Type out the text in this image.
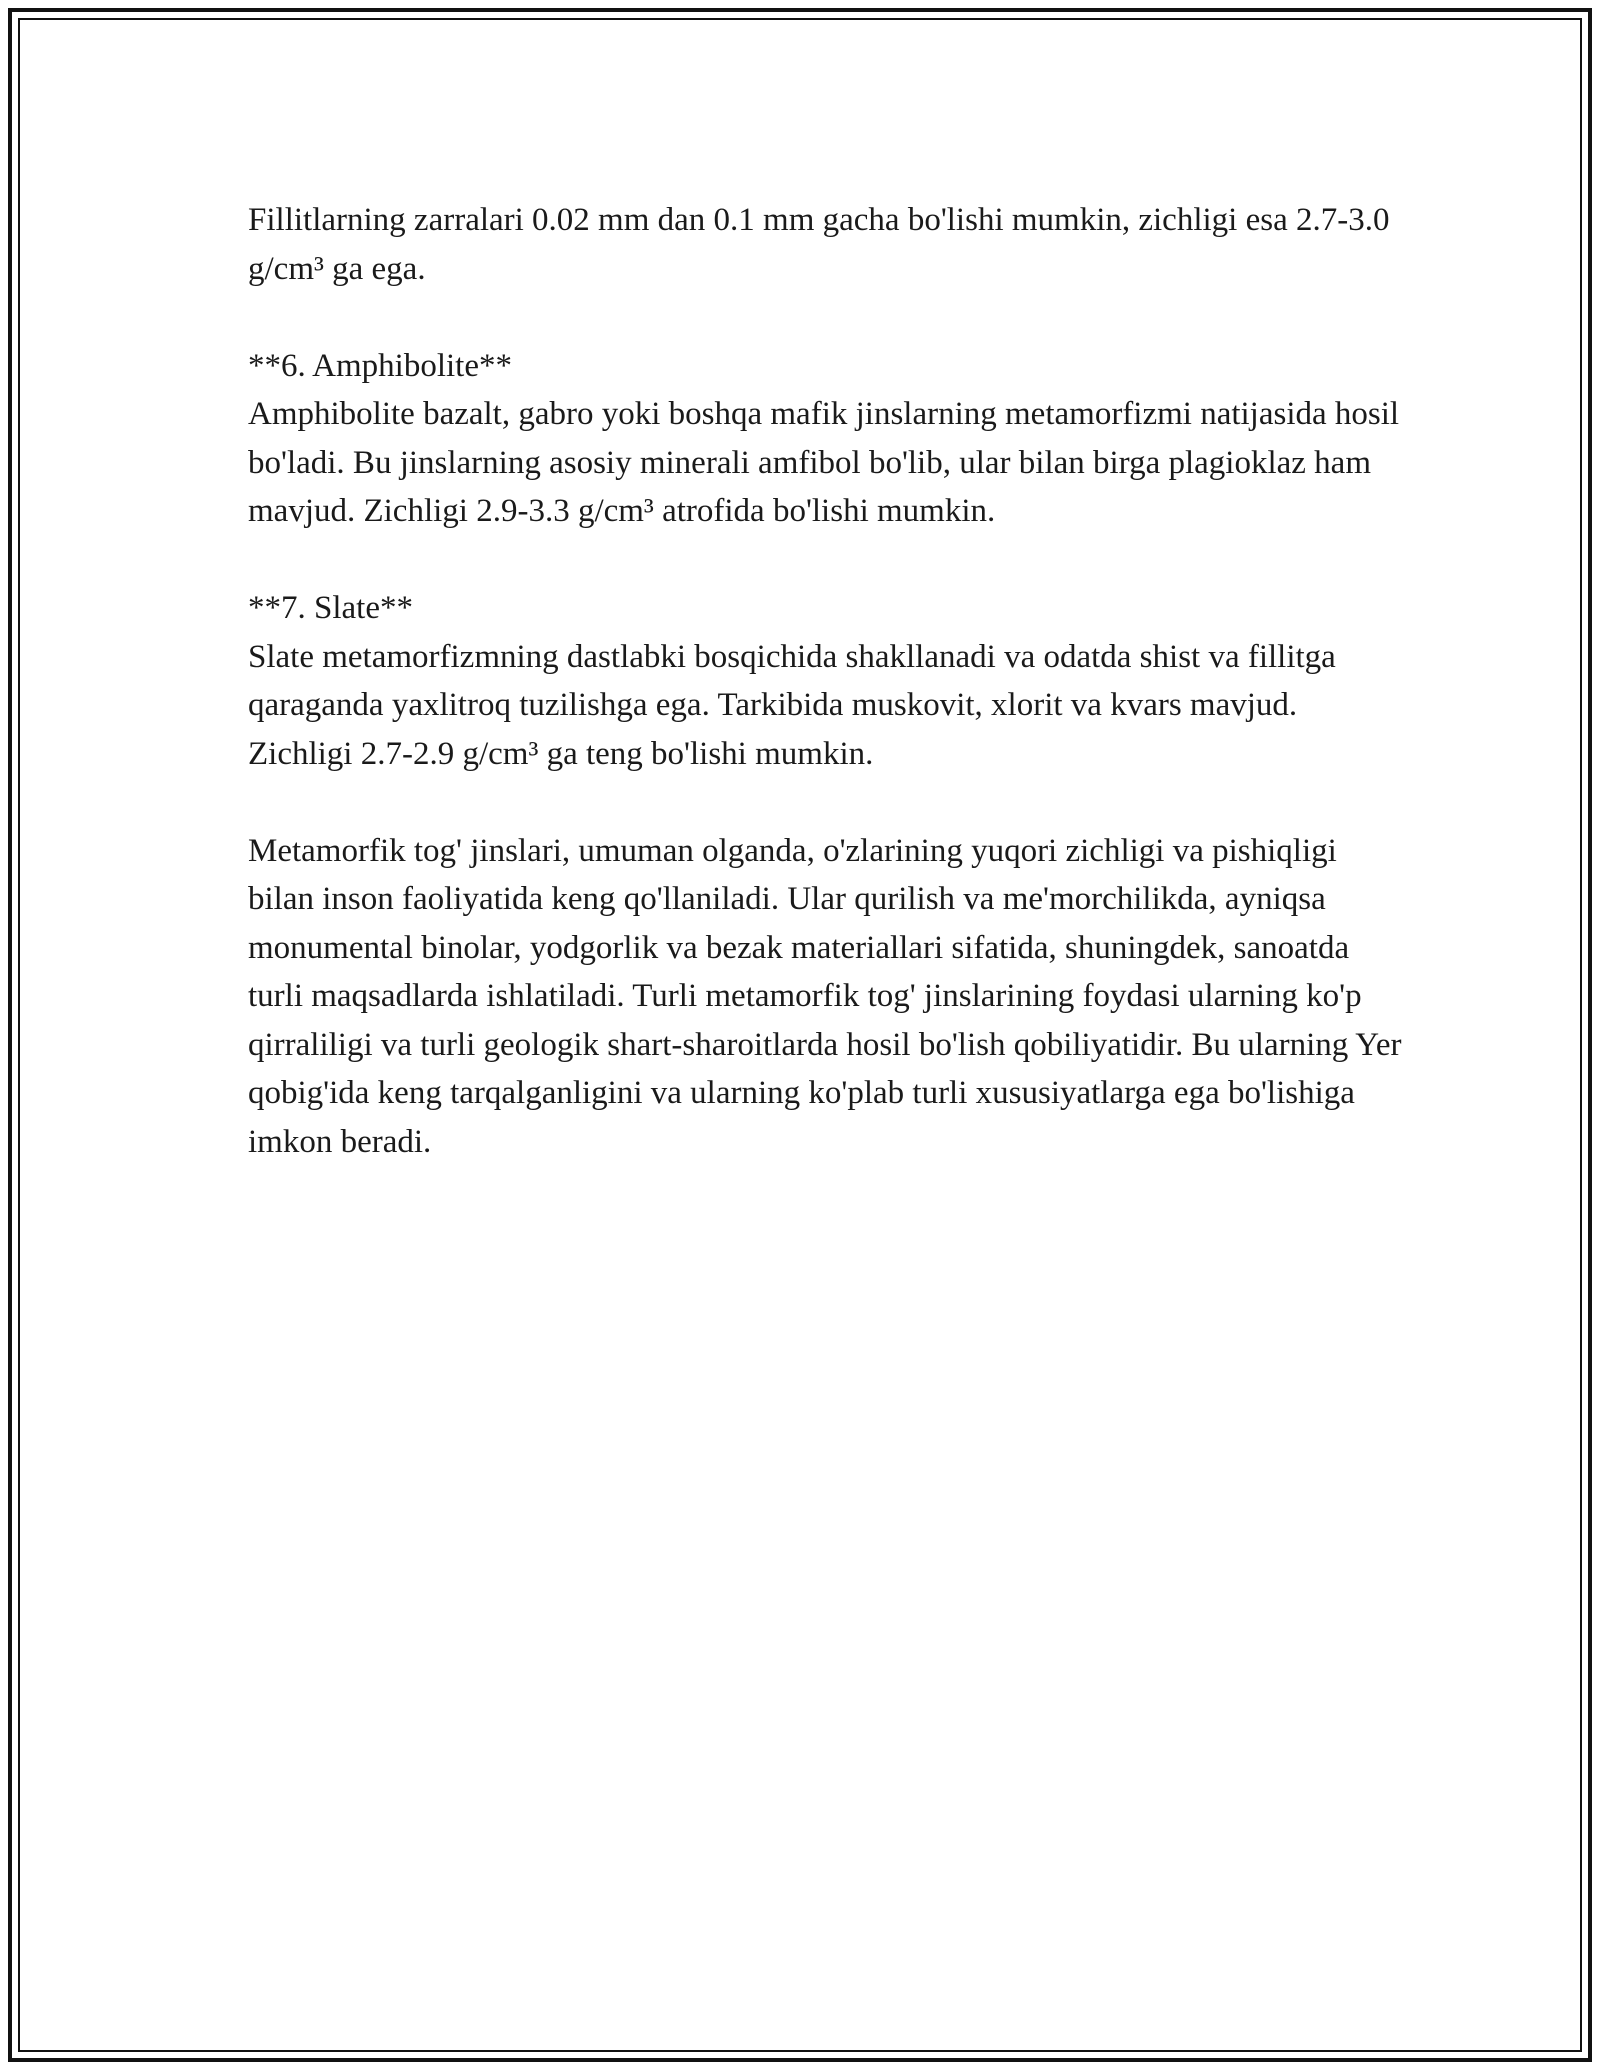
Fillitlarning zarralari 0.02 mm dan 0.1 mm gacha bo'lishi mumkin, zichligi esa 2.7-3.0 g/cm³ ga ega.

**6. Amphibolite**

Amphibolite bazalt, gabro yoki boshqa mafik jinslarning metamorfizmi natijasida hosil bo'ladi. Bu jinslarning asosiy minerali amfibol bo'lib, ular bilan birga plagioklaz ham mavjud. Zichligi 2.9-3.3 g/cm³ atrofida bo'lishi mumkin.

**7. Slate**

Slate metamorfizmning dastlabki bosqichida shakllanadi va odatda shist va fillitga qaraganda yaxlitroq tuzilishga ega. Tarkibida muskovit, xlorit va kvars mavjud. Zichligi 2.7-2.9 g/cm³ ga teng bo'lishi mumkin.

Metamorfik tog' jinslari, umuman olganda, o'zlarining yuqori zichligi va pishiqligi bilan inson faoliyatida keng qo'llaniladi. Ular qurilish va me'morchilikda, ayniqsa monumental binolar, yodgorlik va bezak materiallari sifatida, shuningdek, sanoatda turli maqsadlarda ishlatiladi. Turli metamorfik tog' jinslarining foydasi ularning ko'p qirraliligi va turli geologik shart-sharoitlarda hosil bo'lish qobiliyatidir. Bu ularning Yer qobig'ida keng tarqalganligini va ularning ko'plab turli xususiyatlarga ega bo'lishiga imkon beradi.
